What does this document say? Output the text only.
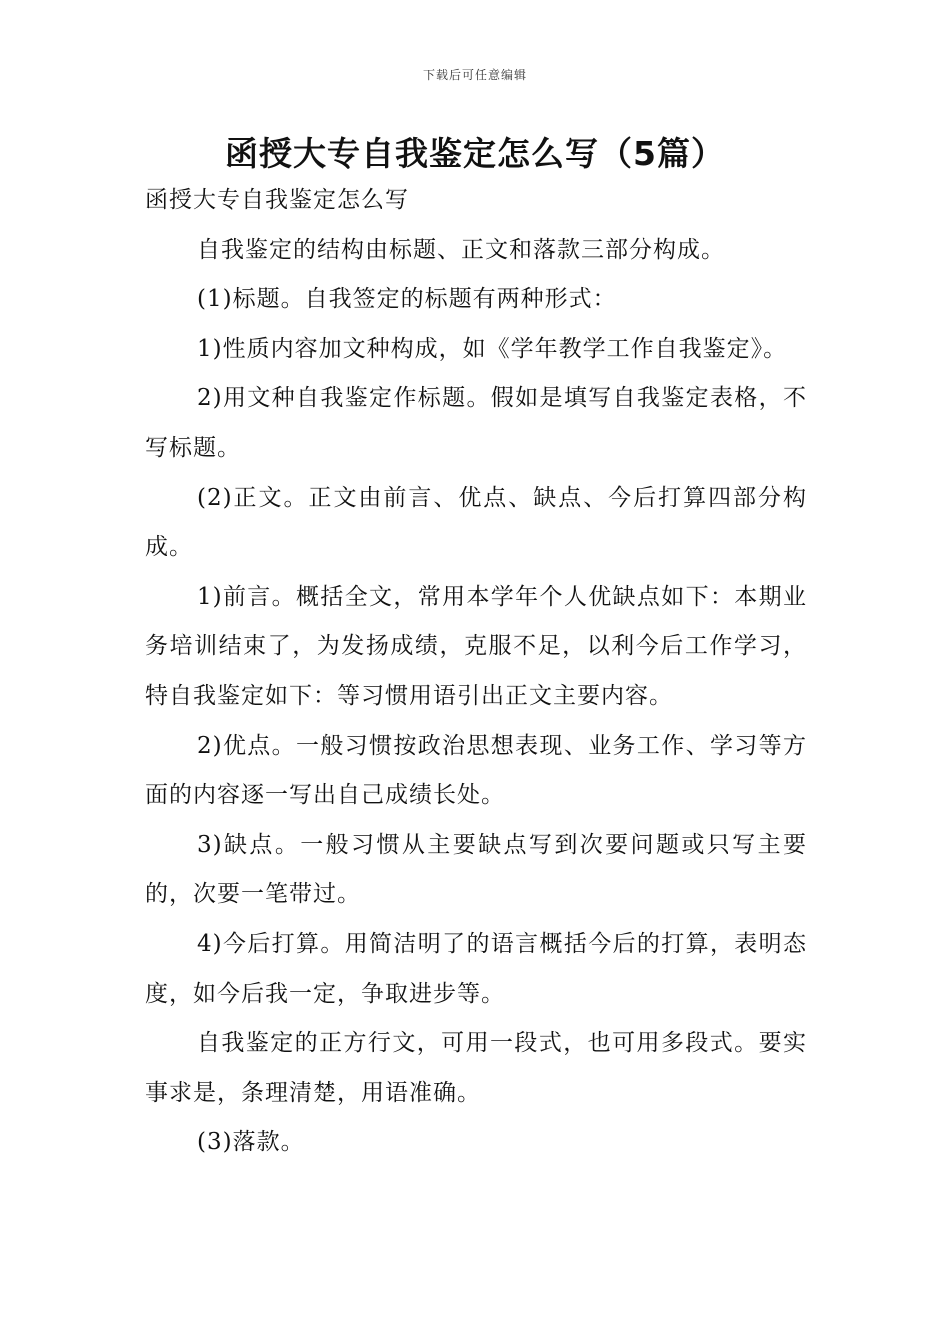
下载后可任意编辑
函授大专自我鉴定怎么写（5篇）

函授大专自我鉴定怎么写

自我鉴定的结构由标题、正文和落款三部分构成。

(1)标题。自我签定的标题有两种形式：

1)性质内容加文种构成，如《学年教学工作自我鉴定》。

2)用文种自我鉴定作标题。假如是填写自我鉴定表格，不写标题。

(2)正文。正文由前言、优点、缺点、今后打算四部分构成。

1)前言。概括全文，常用本学年个人优缺点如下：本期业务培训结束了，为发扬成绩，克服不足，以利今后工作学习，特自我鉴定如下：等习惯用语引出正文主要内容。

2)优点。一般习惯按政治思想表现、业务工作、学习等方面的内容逐一写出自己成绩长处。

3)缺点。一般习惯从主要缺点写到次要问题或只写主要的，次要一笔带过。

4)今后打算。用简洁明了的语言概括今后的打算，表明态度，如今后我一定，争取进步等。

自我鉴定的正方行文，可用一段式，也可用多段式。要实事求是，条理清楚，用语准确。

(3)落款。
